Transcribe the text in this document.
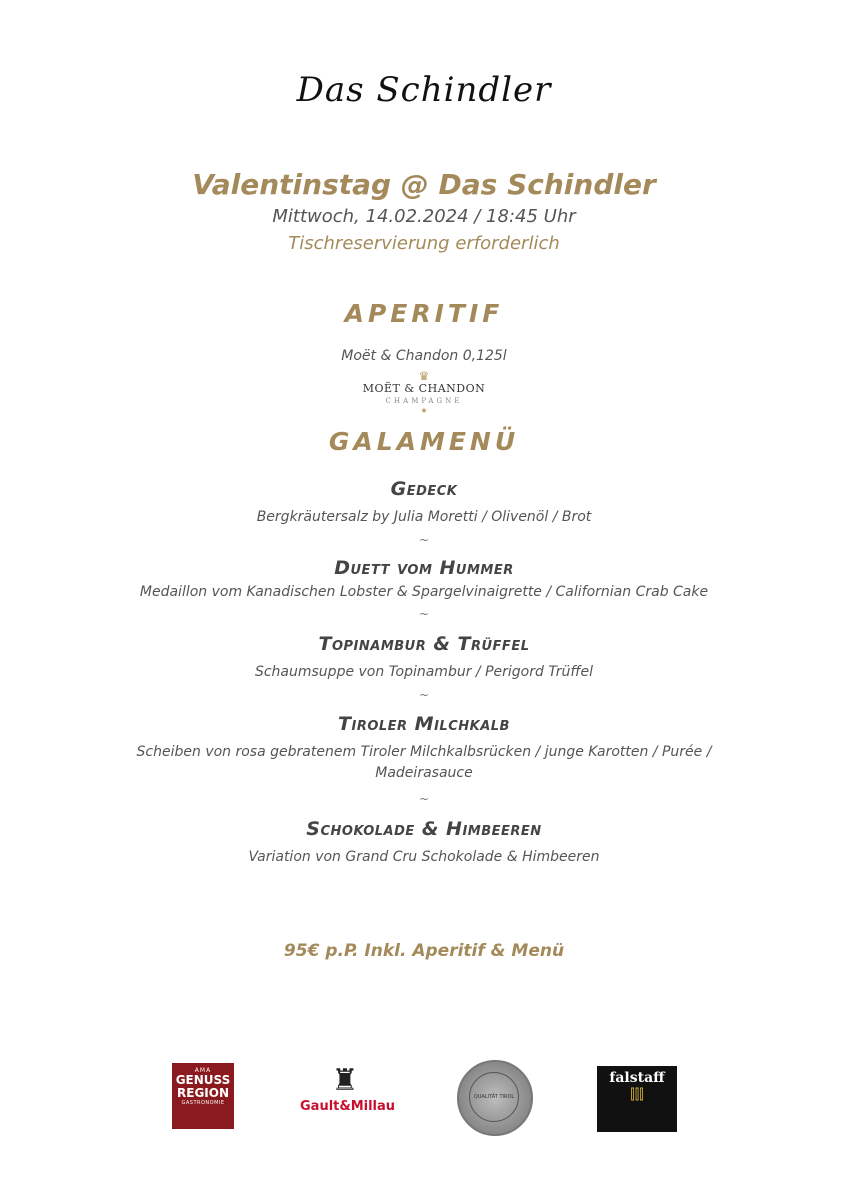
Das Schindler
Valentinstag @ Das Schindler
Mittwoch, 14.02.2024 / 18:45 Uhr
Tischreservierung erforderlich
APERITIF
Moët & Chandon 0,125l
♛
MOËT & CHANDON
CHAMPAGNE
★
GALAMENÜ
Gedeck
Bergkräutersalz by Julia Moretti / Olivenöl / Brot
~
Duett vom Hummer
Medaillon vom Kanadischen Lobster & Spargelvinaigrette / Californian Crab Cake
~
Topinambur & Trüffel
Schaumsuppe von Topinambur / Perigord Trüffel
~
Tiroler Milchkalb
Scheiben von rosa gebratenem Tiroler Milchkalbsrücken / junge Karotten / Purée /
Madeirasauce
~
Schokolade & Himbeeren
Variation von Grand Cru Schokolade & Himbeeren
95€ p.P. Inkl. Aperitif & Menü
AMA
GENUSS
REGION
GASTRONOMIE
♜
Gault&Millau
QUALITÄT TIROL
falstaff
⫿⫿⫿
